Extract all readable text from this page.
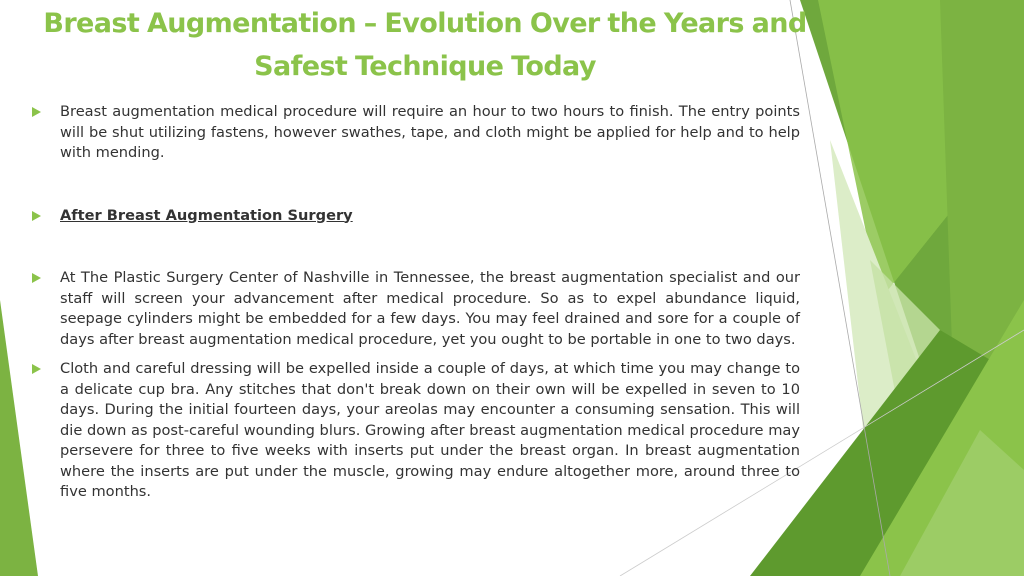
Breast Augmentation – Evolution Over the Years and Safest Technique Today
Breast augmentation medical procedure will require an hour to two hours to finish. The entry points will be shut utilizing fastens, however swathes, tape, and cloth might be applied for help and to help with mending.
After Breast Augmentation Surgery
At The Plastic Surgery Center of Nashville in Tennessee, the breast augmentation specialist and our staff will screen your advancement after medical procedure. So as to expel abundance liquid, seepage cylinders might be embedded for a few days. You may feel drained and sore for a couple of days after breast augmentation medical procedure, yet you ought to be portable in one to two days.
Cloth and careful dressing will be expelled inside a couple of days, at which time you may change to a delicate cup bra. Any stitches that don't break down on their own will be expelled in seven to 10 days. During the initial fourteen days, your areolas may encounter a consuming sensation. This will die down as post-careful wounding blurs. Growing after breast augmentation medical procedure may persevere for three to five weeks with inserts put under the breast organ. In breast augmentation where the inserts are put under the muscle, growing may endure altogether more, around three to five months.
